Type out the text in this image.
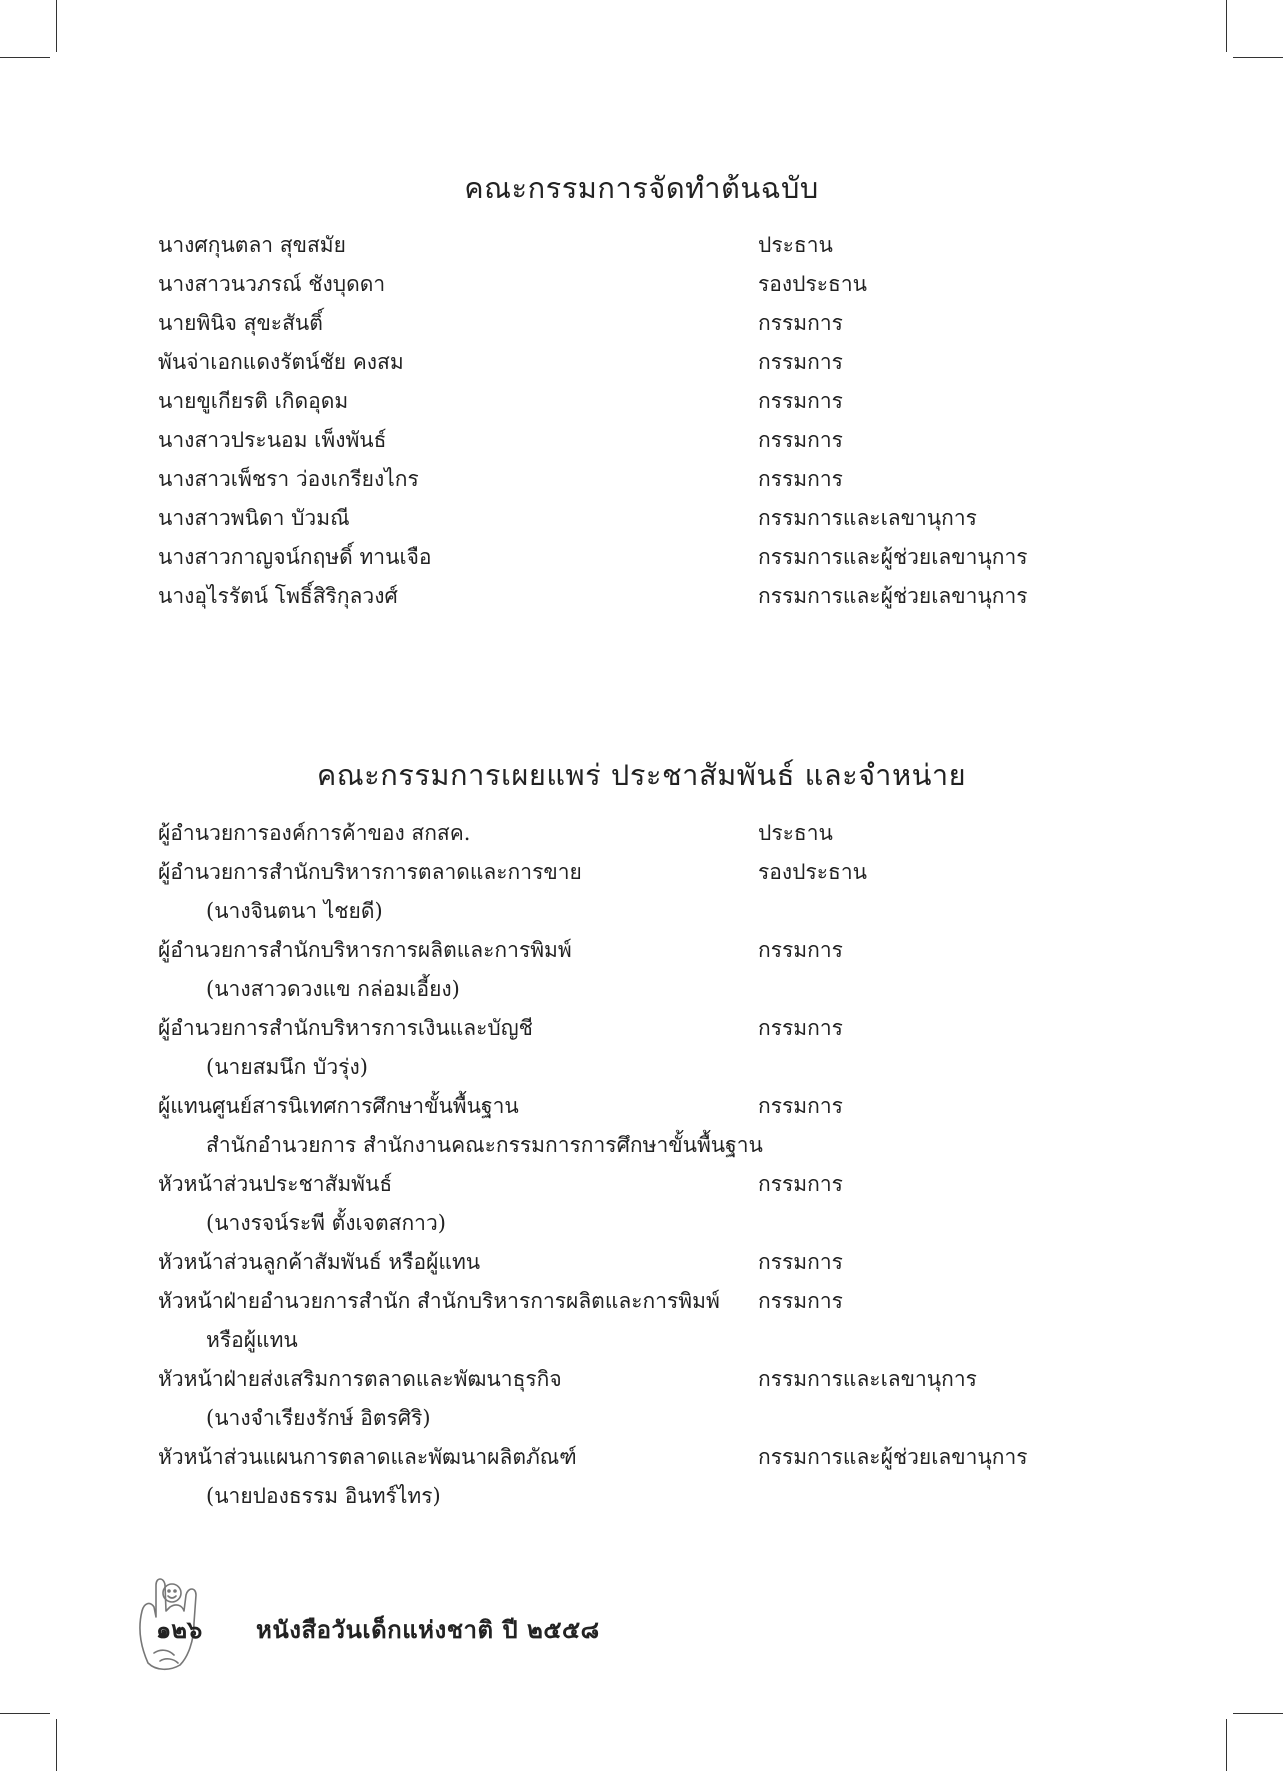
คณะกรรมการจัดทำต้นฉบับ
นางศกุนตลา สุขสมัย	ประธาน
นางสาวนวภรณ์ ชังบุดดา	รองประธาน
นายพินิจ สุขะสันติ์	กรรมการ
พันจ่าเอกแดงรัตน์ชัย คงสม	กรรมการ
นายขูเกียรติ เกิดอุดม	กรรมการ
นางสาวประนอม เพ็งพันธ์	กรรมการ
นางสาวเพ็ชรา ว่องเกรียงไกร	กรรมการ
นางสาวพนิดา บัวมณี	กรรมการและเลขานุการ
นางสาวกาญจน์กฤษดิ์ ทานเจือ	กรรมการและผู้ช่วยเลขานุการ
นางอุไรรัตน์ โพธิ์สิริกุลวงศ์	กรรมการและผู้ช่วยเลขานุการ
คณะกรรมการเผยแพร่ ประชาสัมพันธ์ และจำหน่าย
ผู้อำนวยการองค์การค้าของ สกสค.	ประธาน
ผู้อำนวยการสำนักบริหารการตลาดและการขาย	รองประธาน
(นางจินตนา ไชยดี)
ผู้อำนวยการสำนักบริหารการผลิตและการพิมพ์	กรรมการ
(นางสาวดวงแข กล่อมเอี้ยง)
ผู้อำนวยการสำนักบริหารการเงินและบัญชี	กรรมการ
(นายสมนึก บัวรุ่ง)
ผู้แทนศูนย์สารนิเทศการศึกษาขั้นพื้นฐาน	กรรมการ
สำนักอำนวยการ สำนักงานคณะกรรมการการศึกษาขั้นพื้นฐาน
หัวหน้าส่วนประชาสัมพันธ์	กรรมการ
(นางรจน์ระพี ตั้งเจตสกาว)
หัวหน้าส่วนลูกค้าสัมพันธ์ หรือผู้แทน	กรรมการ
หัวหน้าฝ่ายอำนวยการสำนัก สำนักบริหารการผลิตและการพิมพ์ กรรมการ
หรือผู้แทน
หัวหน้าฝ่ายส่งเสริมการตลาดและพัฒนาธุรกิจ	กรรมการและเลขานุการ
(นางจำเรียงรักษ์ อิตรศิริ)
หัวหน้าส่วนแผนการตลาดและพัฒนาผลิตภัณฑ์	กรรมการและผู้ช่วยเลขานุการ
(นายปองธรรม อินทร์ไทร)
๑๒๖ หนังสือวันเด็กแห่งชาติ ปี ๒๕๕๘
